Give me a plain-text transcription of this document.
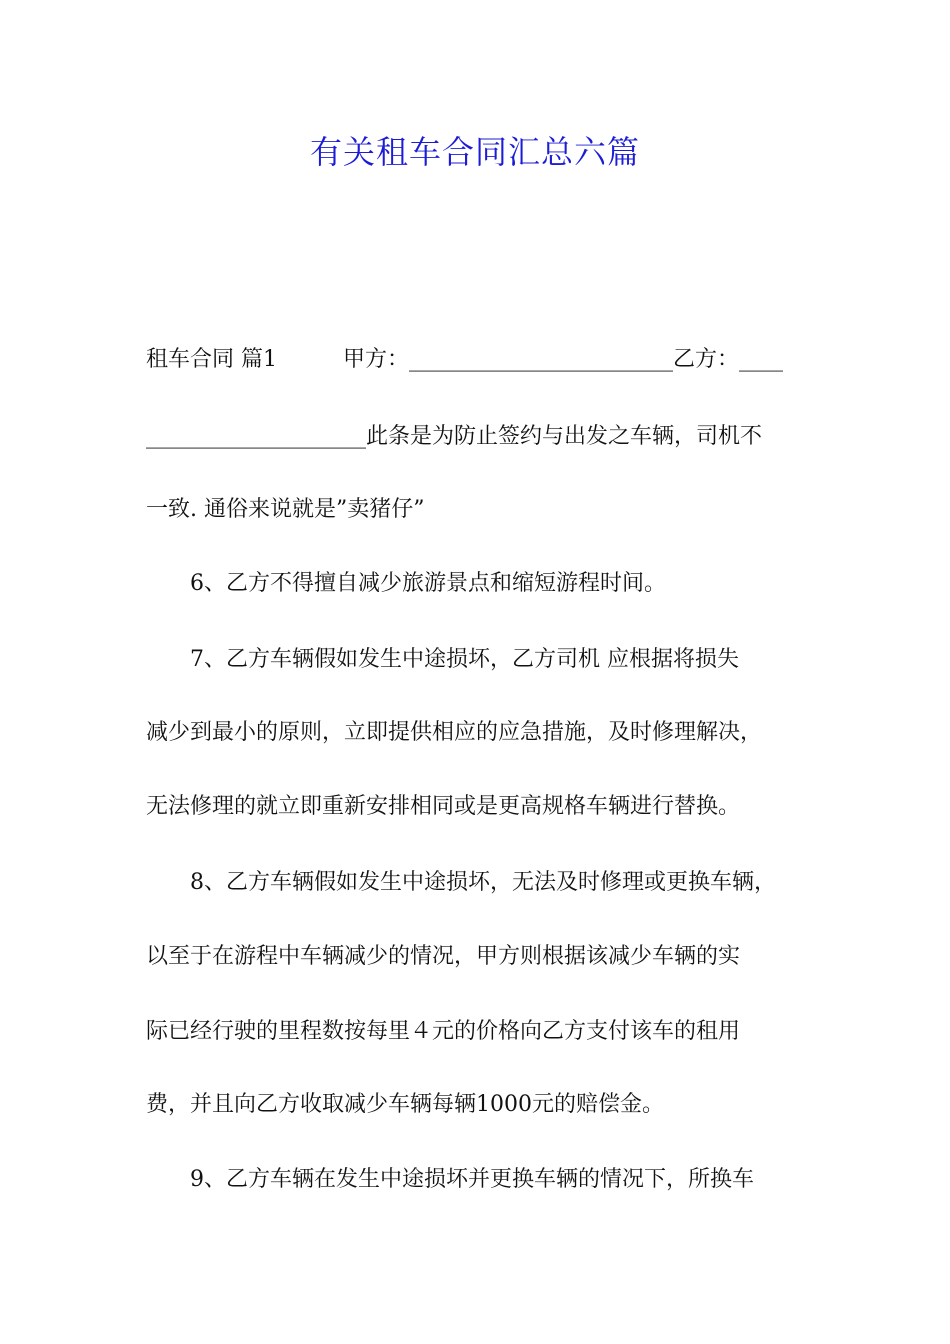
有关租车合同汇总六篇
租车合同 篇1　　　甲方：________________________乙方：____
____________________此条是为防止签约与出发之车辆，司机不
一致. 通俗来说就是”卖猪仔”
6、乙方不得擅自减少旅游景点和缩短游程时间。
7、乙方车辆假如发生中途损坏，乙方司机 应根据将损失
减少到最小的原则，立即提供相应的应急措施，及时修理解决，
无法修理的就立即重新安排相同或是更高规格车辆进行替换。
8、乙方车辆假如发生中途损坏，无法及时修理或更换车辆，
以至于在游程中车辆减少的情况，甲方则根据该减少车辆的实
际已经行驶的里程数按每里４元的价格向乙方支付该车的租用
费，并且向乙方收取减少车辆每辆1000元的赔偿金。
9、乙方车辆在发生中途损坏并更换车辆的情况下，所换车
